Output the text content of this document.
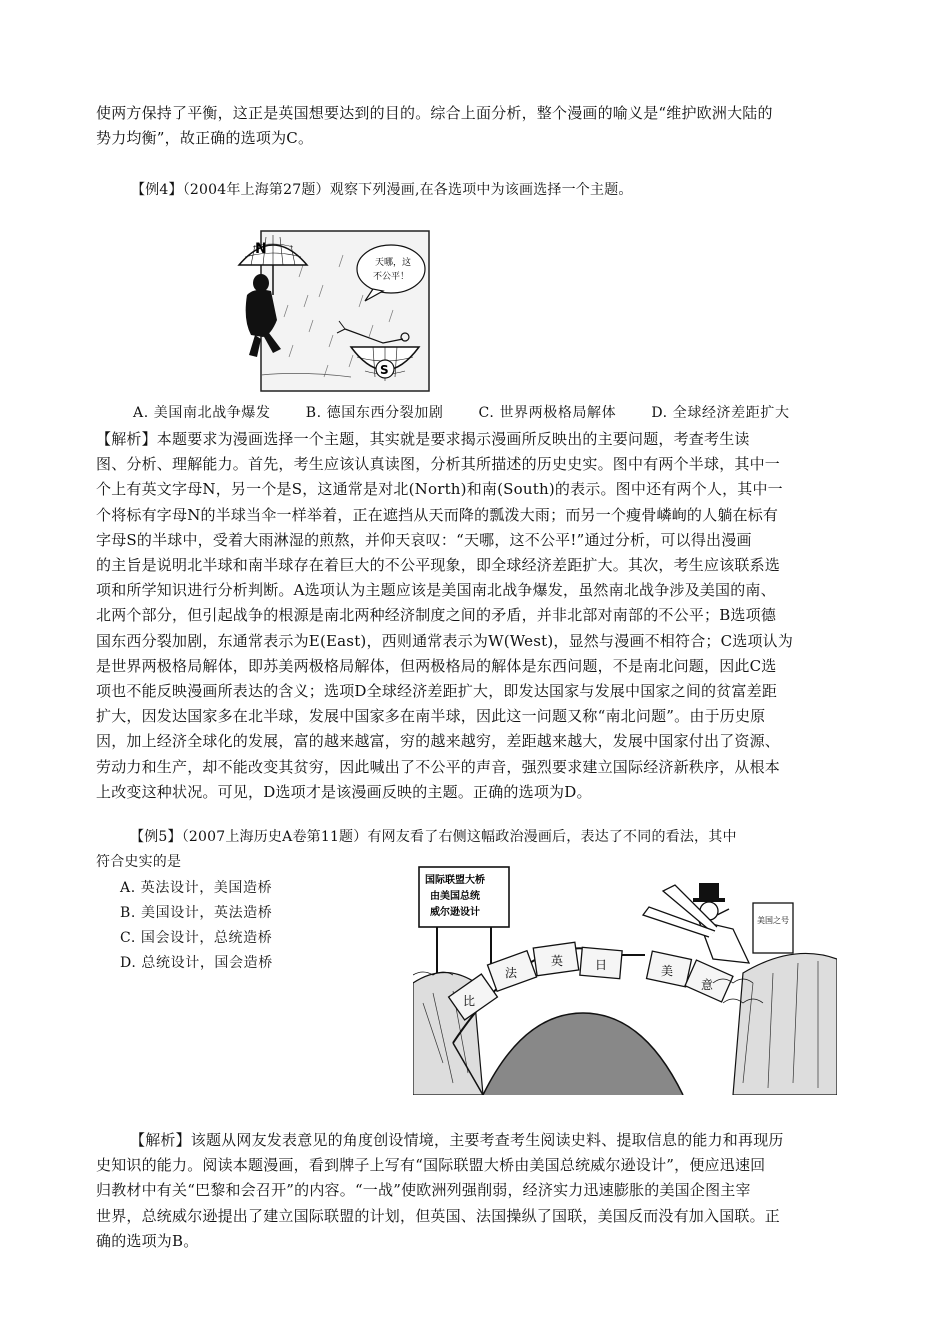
使两方保持了平衡，这正是英国想要达到的目的。综合上面分析，整个漫画的喻义是“维护欧洲大陆的

势力均衡”，故正确的选项为C。

【例4】（2004年上海第27题）观察下列漫画,在各选项中为该画选择一个主题。

N
天哪，这
不公平！
S
A. 美国南北战争爆发	B. 德国东西分裂加剧	C. 世界两极格局解体	D. 全球经济差距扩大

【解析】本题要求为漫画选择一个主题，其实就是要求揭示漫画所反映出的主要问题，考查考生读

图、分析、理解能力。首先，考生应该认真读图，分析其所描述的历史史实。图中有两个半球，其中一

个上有英文字母N，另一个是S，这通常是对北(North)和南(South)的表示。图中还有两个人，其中一

个将标有字母N的半球当伞一样举着，正在遮挡从天而降的瓢泼大雨；而另一个瘦骨嶙峋的人躺在标有

字母S的半球中，受着大雨淋湿的煎熬，并仰天哀叹：“天哪，这不公平!”通过分析，可以得出漫画

的主旨是说明北半球和南半球存在着巨大的不公平现象，即全球经济差距扩大。其次，考生应该联系选

项和所学知识进行分析判断。A选项认为主题应该是美国南北战争爆发，虽然南北战争涉及美国的南、

北两个部分，但引起战争的根源是南北两种经济制度之间的矛盾，并非北部对南部的不公平；B选项德

国东西分裂加剧，东通常表示为E(East)，西则通常表示为W(West)，显然与漫画不相符合；C选项认为

是世界两极格局解体，即苏美两极格局解体，但两极格局的解体是东西问题，不是南北问题，因此C选

项也不能反映漫画所表达的含义；选项D全球经济差距扩大，即发达国家与发展中国家之间的贫富差距

扩大，因发达国家多在北半球，发展中国家多在南半球，因此这一问题又称“南北问题”。由于历史原

因，加上经济全球化的发展，富的越来越富，穷的越来越穷，差距越来越大，发展中国家付出了资源、

劳动力和生产，却不能改变其贫穷，因此喊出了不公平的声音，强烈要求建立国际经济新秩序，从根本

上改变这种状况。可见，D选项才是该漫画反映的主题。正确的选项为D。

【例5】（2007上海历史A卷第11题）有网友看了右侧这幅政治漫画后，表达了不同的看法，其中

符合史实的是

A. 英法设计，美国造桥
B. 美国设计，英法造桥
C. 国会设计，总统造桥
D. 总统设计，国会造桥
国际联盟大桥
由美国总统
威尔逊设计
比
法
英
美
意
日
美国之号

【解析】该题从网友发表意见的角度创设情境，主要考查考生阅读史料、提取信息的能力和再现历

史知识的能力。阅读本题漫画，看到牌子上写有“国际联盟大桥由美国总统威尔逊设计”，便应迅速回

归教材中有关“巴黎和会召开”的内容。“一战”使欧洲列强削弱，经济实力迅速膨胀的美国企图主宰

世界，总统威尔逊提出了建立国际联盟的计划，但英国、法国操纵了国联，美国反而没有加入国联。正

确的选项为B。
